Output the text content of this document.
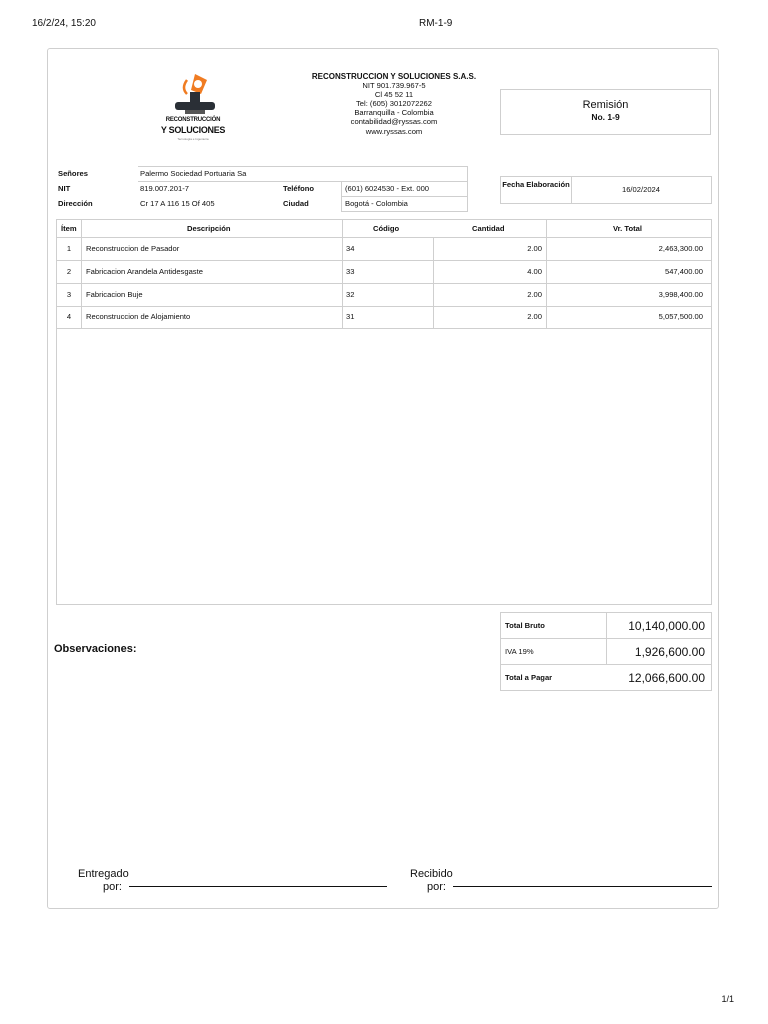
16/2/24, 15:20	RM-1-9
1/1
RECONSTRUCCIÓN
Y SOLUCIONES
Tecnología e Ingeniería
RECONSTRUCCION Y SOLUCIONES S.A.S.
NIT 901.739.967-5
Cl 45 52 11
Tel: (605) 3012072262
Barranquilla - Colombia
contabilidad@ryssas.com
www.ryssas.com
Remisión
No. 1-9
Señores	Palermo Sociedad Portuaria Sa
NIT	819.007.201-7	Teléfono	(601) 6024530 - Ext. 000
Dirección	Cr 17 A 116 15 Of 405	Ciudad	Bogotá - Colombia
Fecha Elaboración
16/02/2024
Ítem	Descripción	Código	Cantidad	Vr. Total
1	Reconstruccion de Pasador	34	2.00	2,463,300.00
2	Fabricacion Arandela Antidesgaste	33	4.00	547,400.00
3	Fabricacion Buje	32	2.00	3,998,400.00
4	Reconstruccion de Alojamiento	31	2.00	5,057,500.00
Total Bruto	10,140,000.00
IVA 19%	1,926,600.00
Total a Pagar	12,066,600.00
Observaciones:
Entregado
por:
Recibido
por:
